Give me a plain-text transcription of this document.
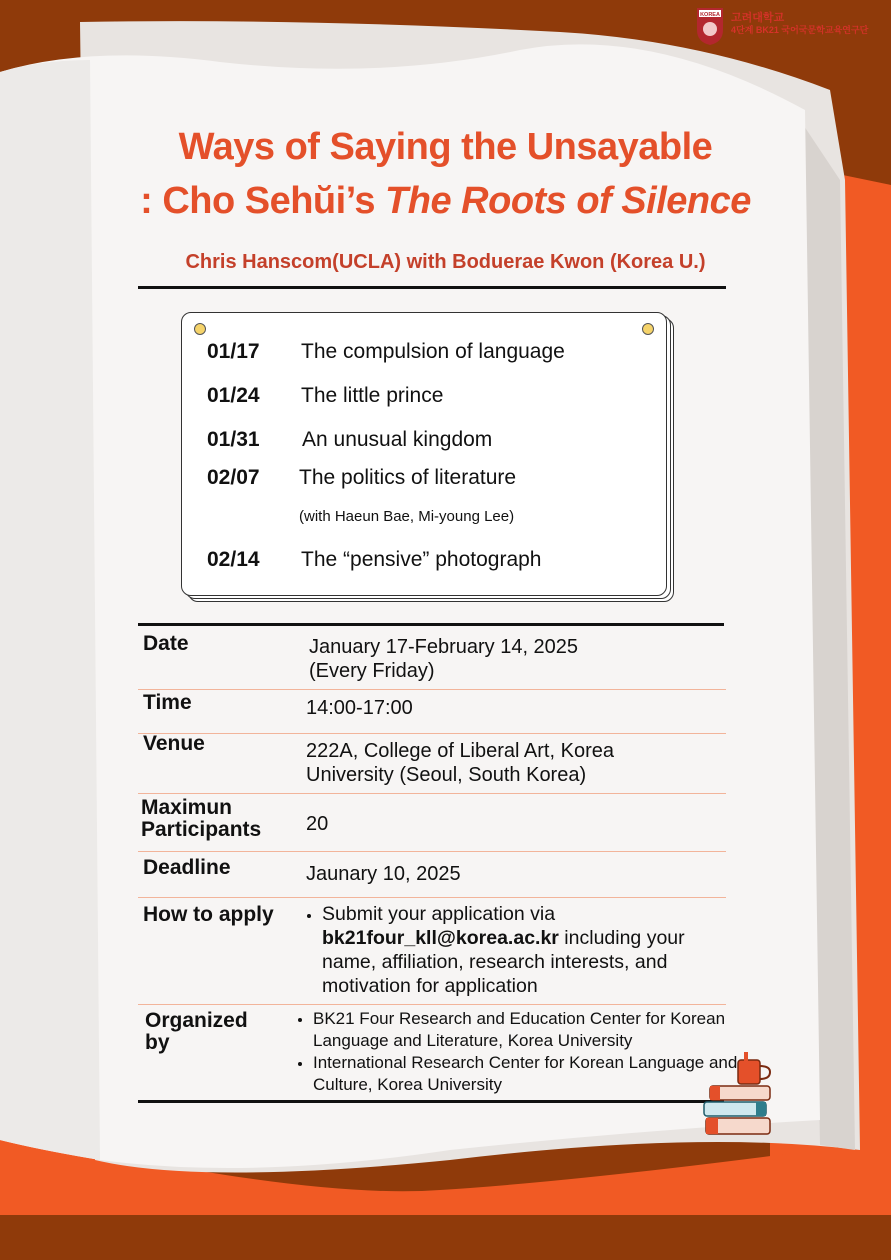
KOREA 고려대학교
4단계 BK21 국어국문학교육연구단
Ways of Saying the Unsayable
: Cho Sehŭi’s The Roots of Silence
Chris Hanscom(UCLA) with Boduerae Kwon (Korea U.)
01/17 The compulsion of language
01/24 The little prince
01/31 An unusual kingdom
02/07 The politics of literature
(with Haeun Bae, Mi-young Lee)
02/14 The “pensive” photograph
Date	January 17-February 14, 2025
(Every Friday)
Time	14:00-17:00
Venue	222A, College of Liberal Art, Korea
University (Seoul, South Korea)
Maximun
Participants 20
Deadline	Jaunary 10, 2025
How to apply
• Submit your application via
bk21four_kll@korea.ac.kr including your name, affiliation, research interests, and motivation for application
Organized
by
• BK21 Four Research and Education Center for Korean Language and Literature, Korea University
• International Research Center for Korean Language and Culture, Korea University
